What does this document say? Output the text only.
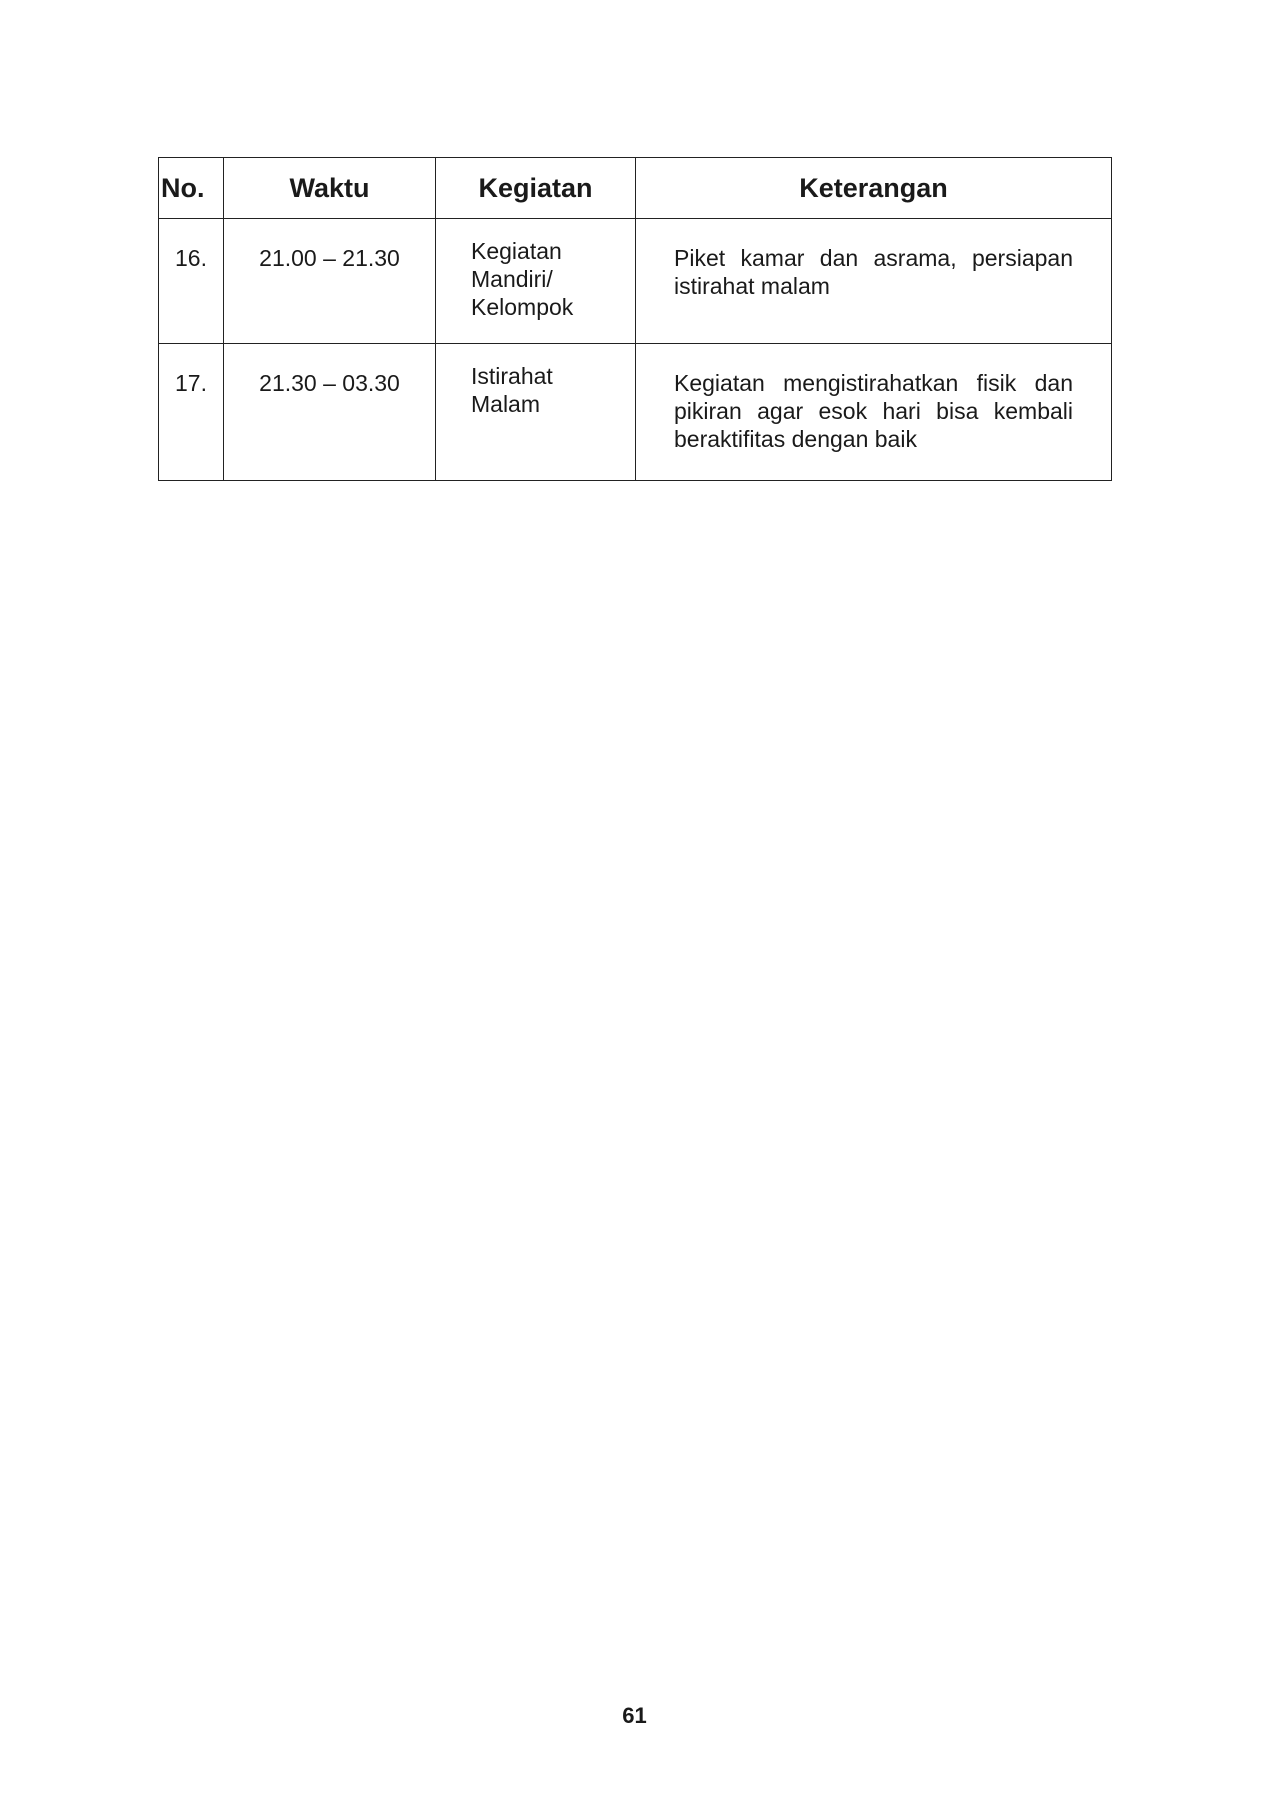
No.	Waktu	Kegiatan	Keterangan
16.	21.00 – 21.30	Kegiatan Mandiri/ Kelompok	Piket kamar dan asrama, persiapan istirahat malam
17.	21.30 – 03.30	Istirahat Malam	Kegiatan mengistirahatkan fisik dan pikiran agar esok hari bisa kembali beraktifitas dengan baik
61
